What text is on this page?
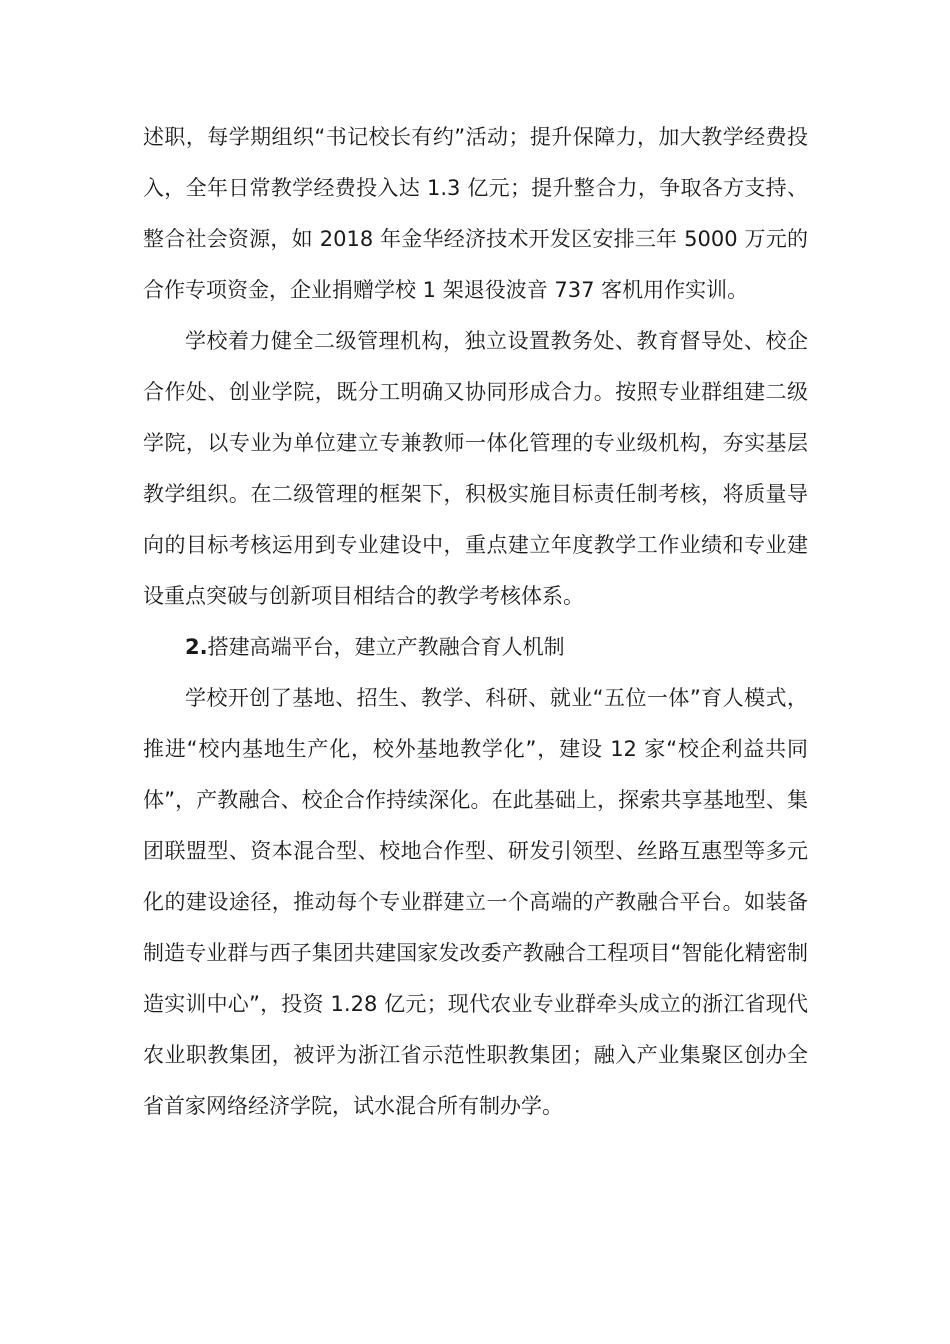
述职，每学期组织“书记校长有约”活动；提升保障力，加大教学经费投入，全年日常教学经费投入达 1.3 亿元；提升整合力，争取各方支持、整合社会资源，如 2018 年金华经济技术开发区安排三年 5000 万元的合作专项资金，企业捐赠学校 1 架退役波音 737 客机用作实训。

学校着力健全二级管理机构，独立设置教务处、教育督导处、校企合作处、创业学院，既分工明确又协同形成合力。按照专业群组建二级学院，以专业为单位建立专兼教师一体化管理的专业级机构，夯实基层教学组织。在二级管理的框架下，积极实施目标责任制考核，将质量导向的目标考核运用到专业建设中，重点建立年度教学工作业绩和专业建设重点突破与创新项目相结合的教学考核体系。

2.搭建高端平台，建立产教融合育人机制

学校开创了基地、招生、教学、科研、就业“五位一体”育人模式，推进“校内基地生产化，校外基地教学化”，建设 12 家“校企利益共同体”，产教融合、校企合作持续深化。在此基础上，探索共享基地型、集团联盟型、资本混合型、校地合作型、研发引领型、丝路互惠型等多元化的建设途径，推动每个专业群建立一个高端的产教融合平台。如装备制造专业群与西子集团共建国家发改委产教融合工程项目“智能化精密制造实训中心”，投资 1.28 亿元；现代农业专业群牵头成立的浙江省现代农业职教集团，被评为浙江省示范性职教集团；融入产业集聚区创办全省首家网络经济学院，试水混合所有制办学。
